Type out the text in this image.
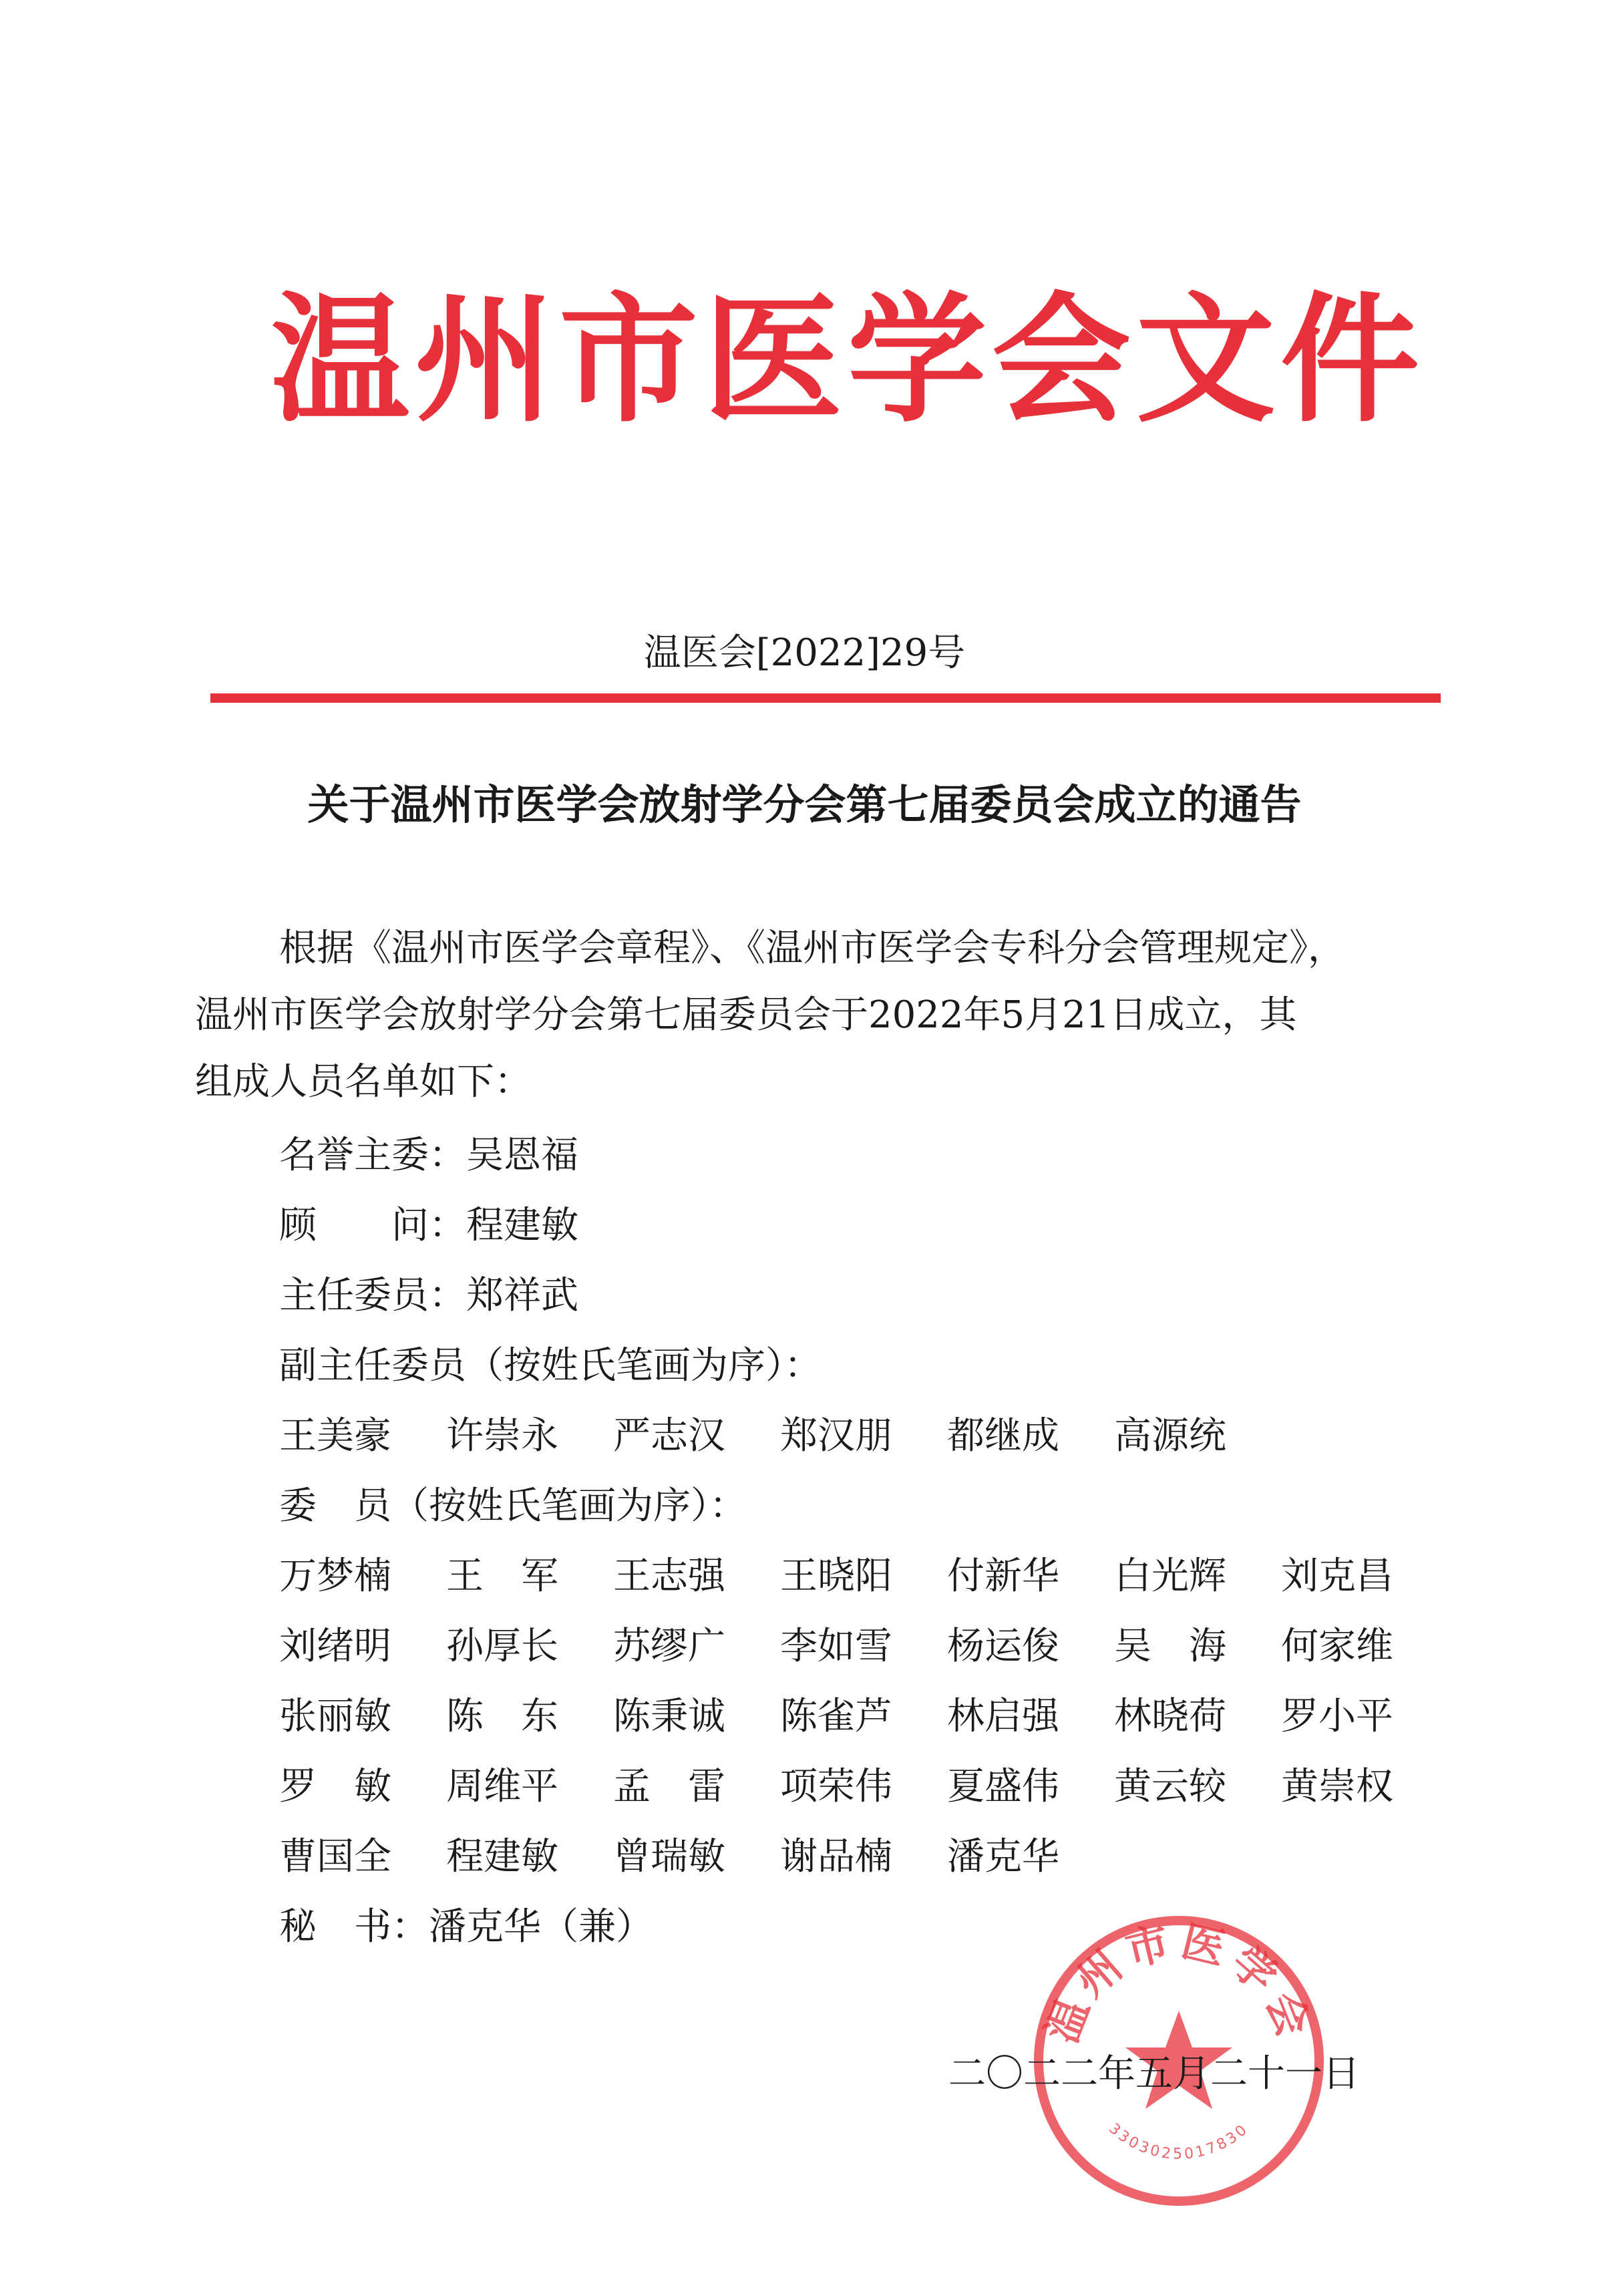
温州市医学会文件
温医会[2022]29号
关于温州市医学会放射学分会第七届委员会成立的通告
根据《温州市医学会章程》、《温州市医学会专科分会管理规定》，
温州市医学会放射学分会第七届委员会于2022年5月21日成立，其
组成人员名单如下：
名誉主委：吴恩福
顾　　问：程建敏
主任委员：郑祥武
副主任委员（按姓氏笔画为序）：
王美豪	许崇永	严志汉	郑汉朋	都继成	高源统
委　员（按姓氏笔画为序）：
万梦楠	王　军	王志强	王晓阳	付新华	白光辉	刘克昌
刘绪明	孙厚长	苏缪广	李如雪	杨运俊	吴　海	何家维
张丽敏	陈　东	陈秉诚	陈雀芦	林启强	林晓荷	罗小平
罗　敏	周维平	孟　雷	项荣伟	夏盛伟	黄云较	黄崇权
曹国全	程建敏	曾瑞敏	谢品楠	潘克华
秘　书：潘克华（兼）
温州市医学会
3303025017830
二〇二二年五月二十一日
